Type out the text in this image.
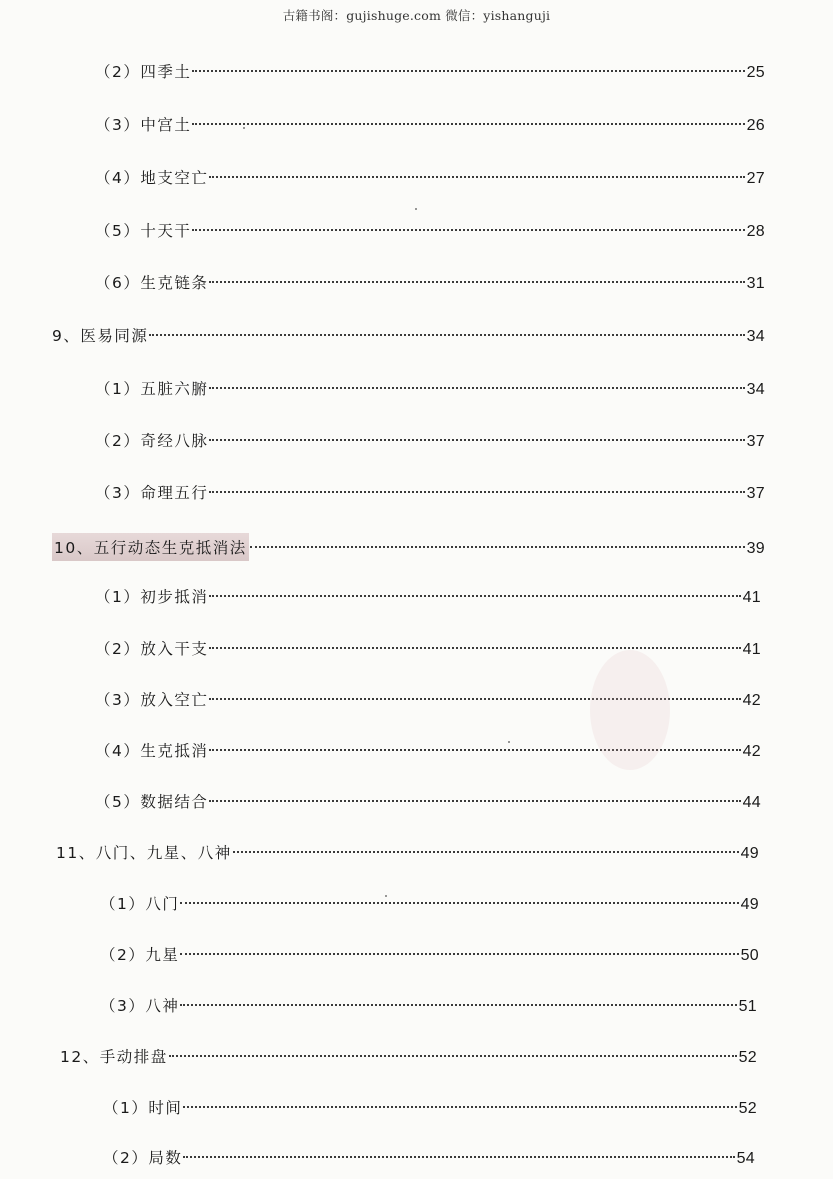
古籍书阁：gujishuge.com 微信：yishanguji
（2）四季土	25
（3）中宫土	26
（4）地支空亡	27
（5）十天干	28
（6）生克链条	31
9、医易同源	34
（1）五脏六腑	34
（2）奇经八脉	37
（3）命理五行	37
10、五行动态生克抵消法	39
（1）初步抵消	41
（2）放入干支	41
（3）放入空亡	42
（4）生克抵消	42
（5）数据结合	44
11、八门、九星、八神	49
（1）八门	49
（2）九星	50
（3）八神	51
12、手动排盘	52
（1）时间	52
（2）局数	54
